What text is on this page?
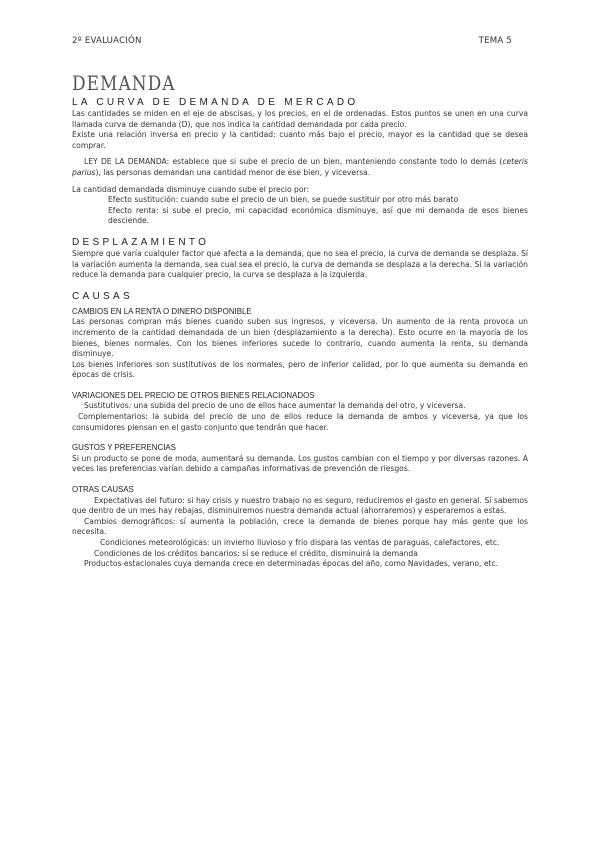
2º EVALUACIÓN	TEMA 5
DEMANDA
LA CURVA DE DEMANDA DE MERCADO

Las cantidades se miden en el eje de abscisas, y los precios, en el de ordenadas. Estos puntos se unen en una curva llamada curva de demanda (D), que nos indica la cantidad demandada por cada precio.

Existe una relación inversa en precio y la cantidad: cuanto más bajo el precio, mayor es la cantidad que se desea comprar.

LEY DE LA DEMANDA: establece que si sube el precio de un bien, manteniendo constante todo lo demás (ceteris parius), las personas demandan una cantidad menor de ese bien, y viceversa.

La cantidad demandada disminuye cuando sube el precio por:

Efecto sustitución: cuando sube el precio de un bien, se puede sustituir por otro más barato

Efecto renta: si sube el precio, mi capacidad económica disminuye, así que mi demanda de esos bienes desciende.

DESPLAZAMIENTO

Siempre que varía cualquier factor que afecta a la demanda, que no sea el precio, la curva de demanda se desplaza. Sí la variación aumenta la demanda, sea cual sea el precio, la curva de demanda se desplaza a la derecha. Sí la variación reduce la demanda para cualquier precio, la curva se desplaza a la izquierda.

CAUSAS
CAMBIOS EN LA RENTA O DINERO DISPONIBLE

Las personas compran más bienes cuando suben sus ingresos, y viceversa. Un aumento de la renta provoca un incremento de la cantidad demandada de un bien (desplazamiento a la derecha). Esto ocurre en la mayoría de los bienes, bienes normales. Con los bienes inferiores sucede lo contrario, cuando aumenta la renta, su demanda disminuye.

Los bienes inferiores son sustitutivos de los normales, pero de inferior calidad, por lo que aumenta su demanda en épocas de crisis.

VARIACIONES DEL PRECIO DE OTROS BIENES RELACIONADOS

Sustitutivos: una subida del precio de uno de ellos hace aumentar la demanda del otro, y viceversa.

Complementarios: la subida del precio de uno de ellos reduce la demanda de ambos y viceversa, ya que los consumidores piensan en el gasto conjunto que tendrán que hacer.

GUSTOS Y PREFERENCIAS

Si un producto se pone de moda, aumentará su demanda. Los gustos cambian con el tiempo y por diversas razones. A veces las preferencias varían debido a campañas informativas de prevención de riesgos.

OTRAS CAUSAS

Expectativas del futuro: si hay crisis y nuestro trabajo no es seguro, reduciremos el gasto en general. Sí sabemos que dentro de un mes hay rebajas, disminuiremos nuestra demanda actual (ahorraremos) y esperaremos a estas.

Cambios demográficos: sí aumenta la población, crece la demanda de bienes porque hay más gente que los necesita.

Condiciones meteorológicas: un invierno lluvioso y frío dispara las ventas de paraguas, calefactores, etc.

Condiciones de los créditos bancarios: sí se reduce el crédito, disminuirá la demanda

Productos estacionales cuya demanda crece en determinadas épocas del año, como Navidades, verano, etc.
